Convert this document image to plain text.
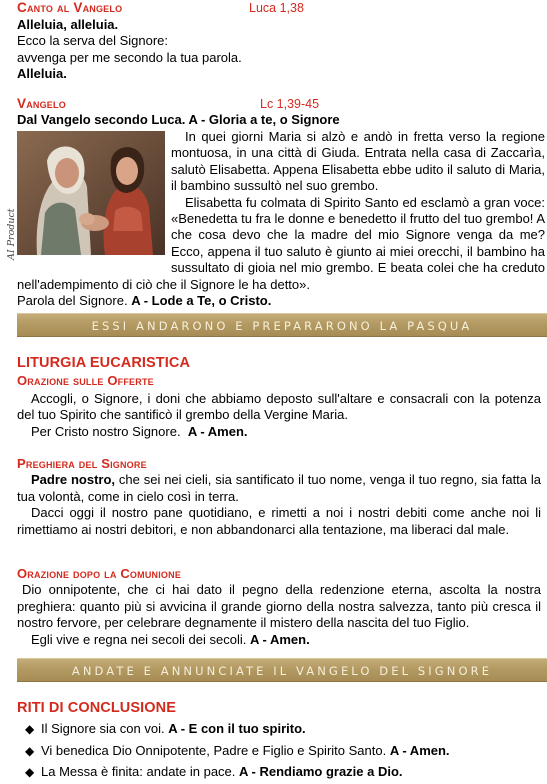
Canto al Vangelo	Luca 1,38
Alleluia, alleluia.
Ecco la serva del Signore:
avvenga per me secondo la tua parola.
Alleluia.
Vangelo	Lc 1,39-45
Dal Vangelo secondo Luca. A - Gloria a te, o Signore
AI Product

In quei giorni Maria si alzò e andò in fretta verso la regione montuosa, in una città di Giuda. Entrata nella casa di Zaccarìa, salutò Elisabetta. Appena Elisabetta ebbe udito il saluto di Maria, il bambino sussultò nel suo grembo.

Elisabetta fu colmata di Spirito Santo ed esclamò a gran voce: «Benedetta tu fra le donne e benedetto il frutto del tuo grembo! A che cosa devo che la madre del mio Signore venga da me? Ecco, appena il tuo saluto è giunto ai miei orecchi, il bambino ha sussultato di gioia nel mio grembo. E beata colei che ha creduto nell'adempimento di ciò che il Signore le ha detto».

Parola del Signore. A - Lode a Te, o Cristo.

ESSI ANDARONO E PREPARARONO LA PASQUA
LITURGIA EUCARISTICA
Orazione sulle Offerte

Accogli, o Signore, i doni che abbiamo deposto sull'altare e consacrali con la potenza del tuo Spirito che santificò il grembo della Vergine Maria.

Per Cristo nostro Signore. A - Amen.

Preghiera del Signore

Padre nostro, che sei nei cieli, sia santificato il tuo nome, venga il tuo regno, sia fatta la tua volontà, come in cielo così in terra.

Dacci oggi il nostro pane quotidiano, e rimetti a noi i nostri debiti come anche noi li rimettiamo ai nostri debitori, e non abbandonarci alla tentazione, ma liberaci dal male.

Orazione dopo la Comunione

Dio onnipotente, che ci hai dato il pegno della redenzione eterna, ascolta la nostra preghiera: quanto più si avvicina il grande giorno della nostra salvezza, tanto più cresca il nostro fervore, per celebrare degnamente il mistero della nascita del tuo Figlio.

Egli vive e regna nei secoli dei secoli. A - Amen.

ANDATE E ANNUNCIATE IL VANGELO DEL SIGNORE
RITI DI CONCLUSIONE

◆ Il Signore sia con voi. A - E con il tuo spirito.

◆ Vi benedica Dio Onnipotente, Padre e Figlio e Spirito Santo. A - Amen.

◆ La Messa è finita: andate in pace. A - Rendiamo grazie a Dio.
